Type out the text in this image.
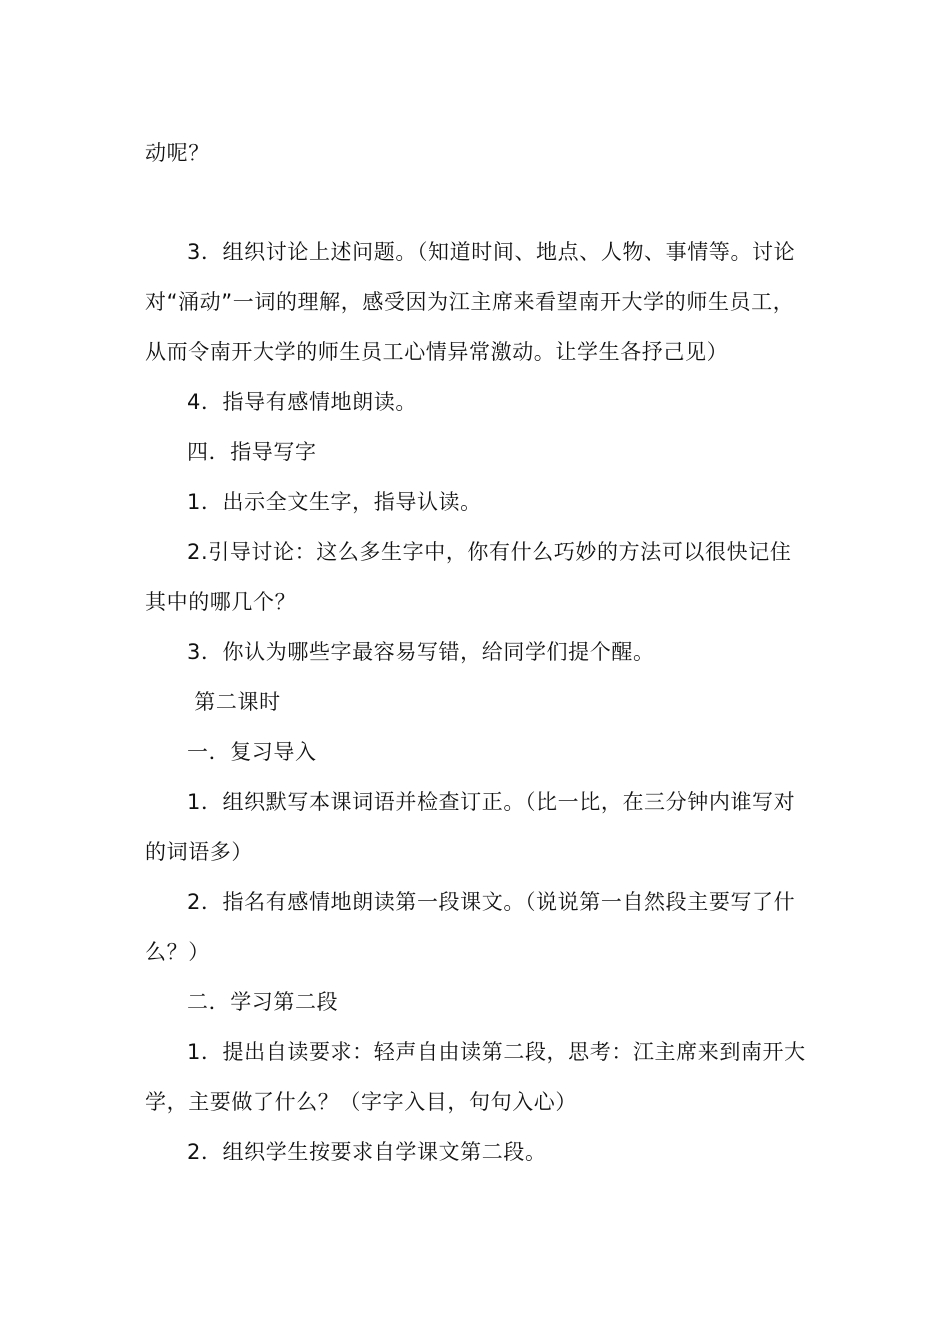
动呢？

3．组织讨论上述问题。（知道时间、地点、人物、事情等。讨论对“涌动”一词的理解，感受因为江主席来看望南开大学的师生员工，从而令南开大学的师生员工心情异常激动。让学生各抒己见）

4．指导有感情地朗读。

四．指导写字

1．出示全文生字，指导认读。

2.引导讨论：这么多生字中，你有什么巧妙的方法可以很快记住其中的哪几个？

3．你认为哪些字最容易写错，给同学们提个醒。

第二课时

一．复习导入

1．组织默写本课词语并检查订正。（比一比，在三分钟内谁写对的词语多）

2．指名有感情地朗读第一段课文。（说说第一自然段主要写了什么？）

二．学习第二段

1．提出自读要求：轻声自由读第二段，思考：江主席来到南开大学，主要做了什么？（字字入目，句句入心）

2．组织学生按要求自学课文第二段。
